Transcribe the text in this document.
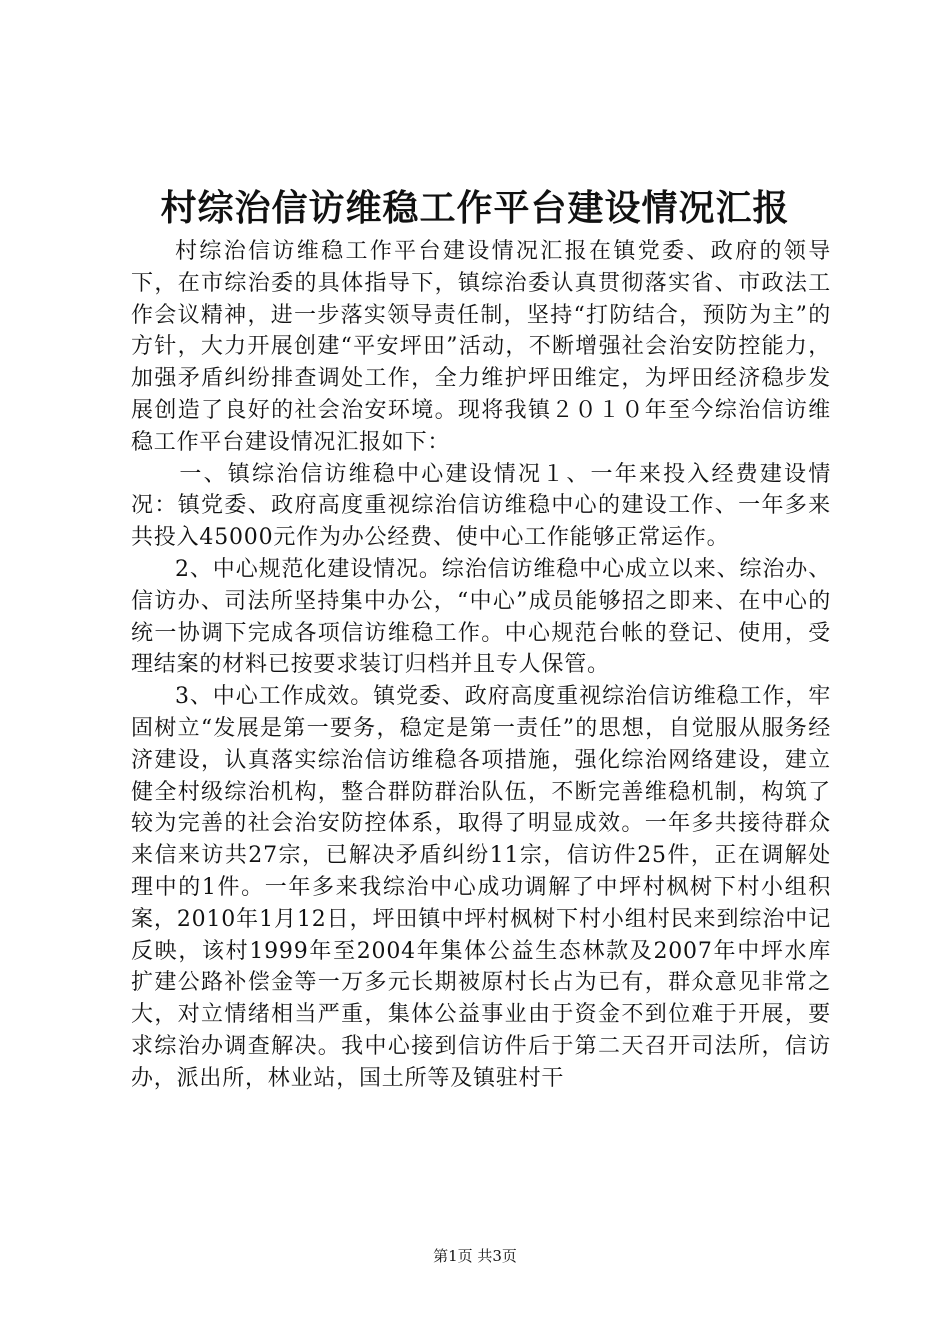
村综治信访维稳工作平台建设情况汇报

村综治信访维稳工作平台建设情况汇报在镇党委、政府的领导下，在市综治委的具体指导下，镇综治委认真贯彻落实省、市政法工作会议精神，进一步落实领导责任制，坚持“打防结合，预防为主”的方针，大力开展创建“平安坪田”活动，不断增强社会治安防控能力，加强矛盾纠纷排查调处工作，全力维护坪田维定，为坪田经济稳步发展创造了良好的社会治安环境。现将我镇２０１０年至今综治信访维稳工作平台建设情况汇报如下：

一、镇综治信访维稳中心建设情况１、一年来投入经费建设情况：镇党委、政府高度重视综治信访维稳中心的建设工作、一年多来共投入45000元作为办公经费、使中心工作能够正常运作。

2、中心规范化建设情况。综治信访维稳中心成立以来、综治办、信访办、司法所坚持集中办公，“中心”成员能够招之即来、在中心的统一协调下完成各项信访维稳工作。中心规范台帐的登记、使用，受理结案的材料已按要求装订归档并且专人保管。

3、中心工作成效。镇党委、政府高度重视综治信访维稳工作，牢固树立“发展是第一要务，稳定是第一责任”的思想，自觉服从服务经济建设，认真落实综治信访维稳各项措施，强化综治网络建设，建立健全村级综治机构，整合群防群治队伍，不断完善维稳机制，构筑了较为完善的社会治安防控体系，取得了明显成效。一年多共接待群众来信来访共27宗，已解决矛盾纠纷11宗，信访件25件，正在调解处理中的1件。一年多来我综治中心成功调解了中坪村枫树下村小组积案，2010年1月12日，坪田镇中坪村枫树下村小组村民来到综治中记反映，该村1999年至2004年集体公益生态林款及2007年中坪水库扩建公路补偿金等一万多元长期被原村长占为已有，群众意见非常之大，对立情绪相当严重，集体公益事业由于资金不到位难于开展，要求综治办调查解决。我中心接到信访件后于第二天召开司法所，信访办，派出所，林业站，国土所等及镇驻村干

第1页 共3页
